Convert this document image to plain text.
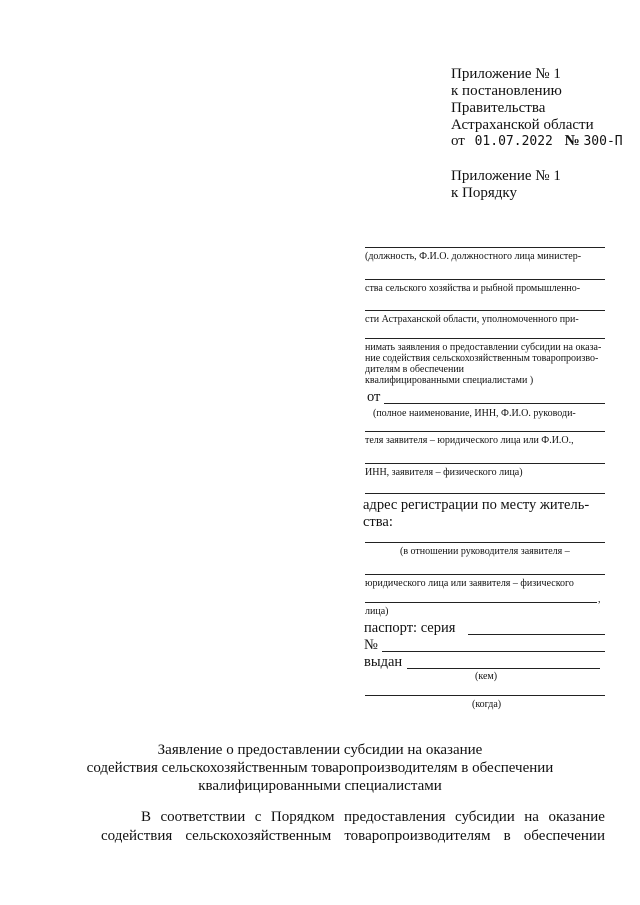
Приложение № 1
к постановлению
Правительства
Астраханской области
от 01.07.2022 № 300-П
Приложение № 1
к Порядку
(должность, Ф.И.О. должностного лица министер-
ства сельского хозяйства и рыбной промышленно-
сти Астраханской области, уполномоченного при-
нимать заявления о предоставлении субсидии на оказа-
ние содействия сельскохозяйственным товаропроизво-
дителям в обеспечении
квалифицированными специалистами )
от
(полное наименование, ИНН, Ф.И.О. руководи-
теля заявителя – юридического лица или Ф.И.О.,
ИНН, заявителя – физического лица)
адрес регистрации по месту житель-
ства:
(в отношении руководителя заявителя –
юридического лица или заявителя – физического
,
лица)
паспорт: серия
№
выдан
(кем)
(когда)
Заявление о предоставлении субсидии на оказание
содействия сельскохозяйственным товаропроизводителям в обеспечении
квалифицированными специалистами
В соответствии с Порядком предоставления субсидии на оказание
содействия сельскохозяйственным товаропроизводителям в обеспечении
